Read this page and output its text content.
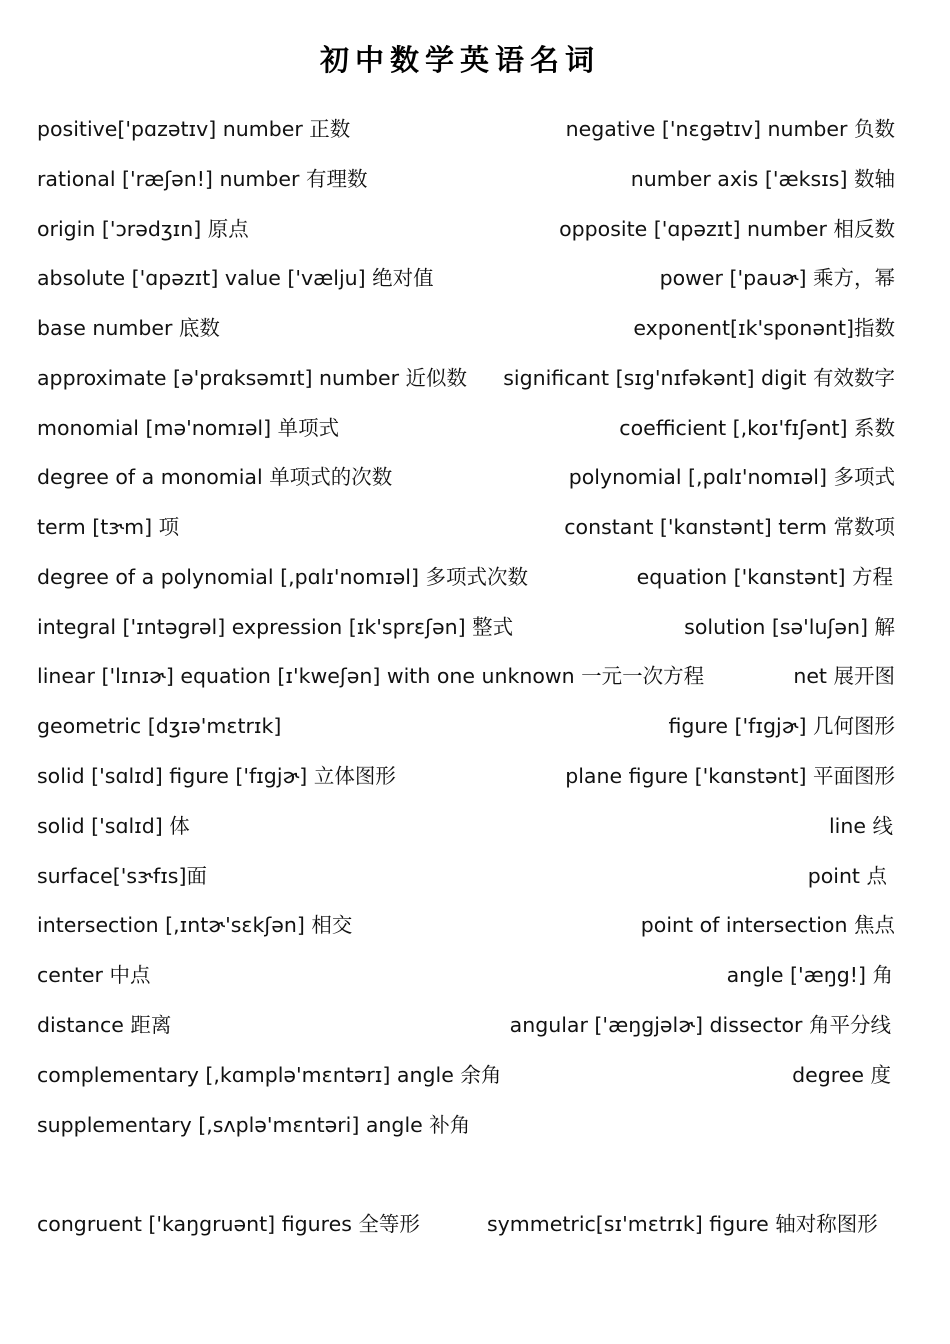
初中数学英语名词
positive['pɑzətɪv] number 正数	negative ['nɛgətɪv] number 负数
rational ['ræʃən!] number 有理数	number axis ['æksɪs] 数轴
origin ['ɔrədʒɪn] 原点	opposite ['ɑpəzɪt] number 相反数
absolute ['ɑpəzɪt] value ['vælju] 绝对值	power ['pauɚ] 乘方，幂
base number 底数	exponent[ɪk'sponənt]指数
approximate [ə'prɑksəmɪt] number 近似数 significant [sɪg'nɪfəkənt] digit 有效数字
monomial [mə'nomɪəl] 单项式	coefficient [,koɪ'fɪʃənt] 系数
degree of a monomial 单项式的次数	polynomial [,pɑlɪ'nomɪəl] 多项式
term [tɝm] 项	constant ['kɑnstənt] term 常数项
degree of a polynomial [,pɑlɪ'nomɪəl] 多项式次数	equation ['kɑnstənt] 方程
integral ['ɪntəgrəl] expression [ɪk'sprɛʃən] 整式	solution [sə'luʃən] 解
linear ['lɪnɪɚ] equation [ɪ'kweʃən] with one unknown 一元一次方程	net 展开图
geometric [dʒɪə'mɛtrɪk]	figure ['fɪgjɚ] 几何图形
solid ['sɑlɪd] figure ['fɪgjɚ] 立体图形	plane figure ['kɑnstənt] 平面图形
solid ['sɑlɪd] 体	line 线
surface['sɝfɪs]面	point 点
intersection [,ɪntɚ'sɛkʃən] 相交	point of intersection 焦点
center 中点	angle ['æŋg!] 角
distance 距离	angular ['æŋgjəlɚ] dissector 角平分线
complementary [,kɑmplə'mɛntərɪ] angle 余角	degree 度
supplementary [,sʌplə'mɛntəri] angle 补角
congruent ['kaŋgruənt] figures 全等形	symmetric[sɪ'mɛtrɪk] figure 轴对称图形
